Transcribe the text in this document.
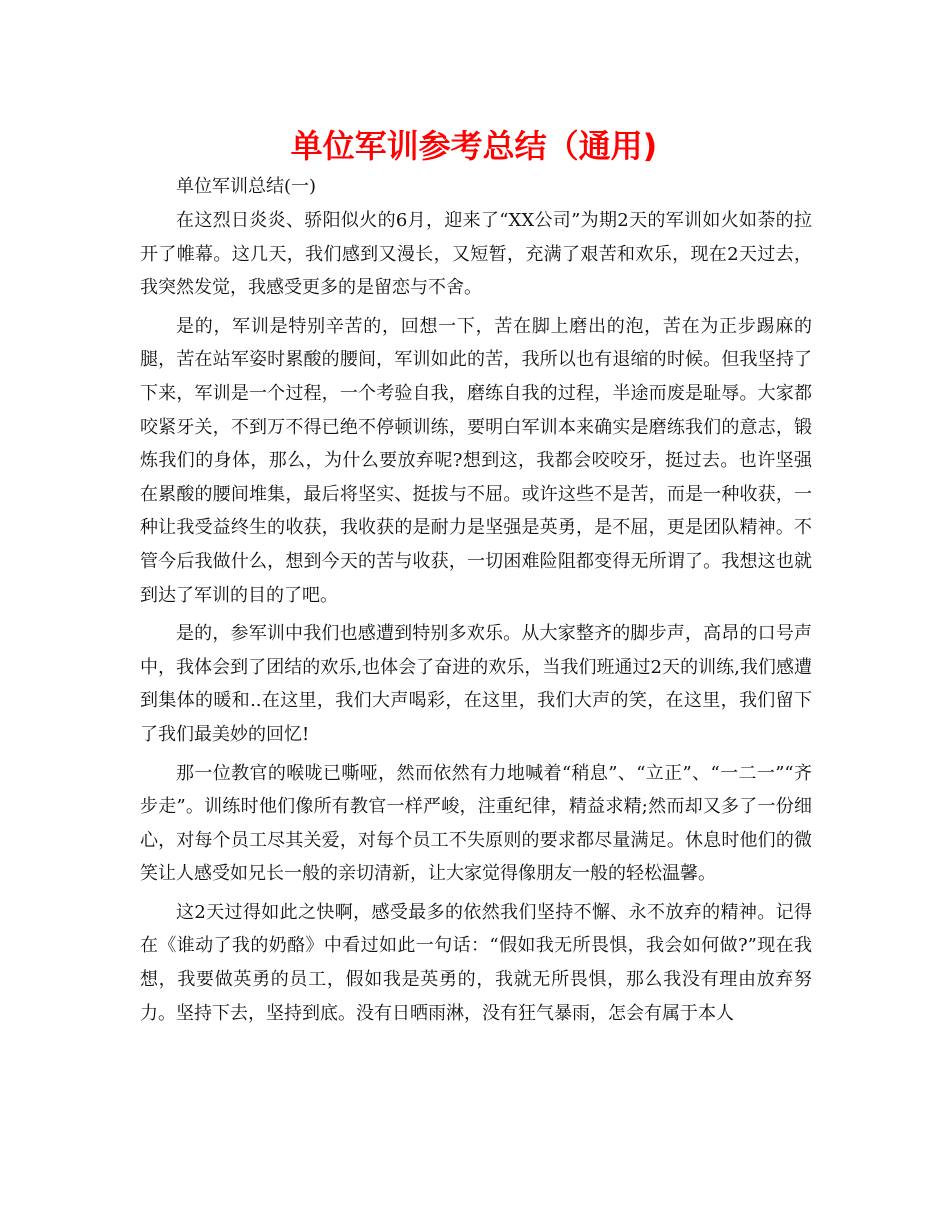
单位军训参考总结（通用)
单位军训总结(一)

在这烈日炎炎、骄阳似火的6月，迎来了“XX公司”为期2天的军训如火如荼的拉开了帷幕。这几天，我们感到又漫长，又短暂，充满了艰苦和欢乐，现在2天过去，我突然发觉，我感受更多的是留恋与不舍。

是的，军训是特别辛苦的，回想一下，苦在脚上磨出的泡，苦在为正步踢麻的腿，苦在站军姿时累酸的腰间，军训如此的苦，我所以也有退缩的时候。但我坚持了下来，军训是一个过程，一个考验自我，磨练自我的过程，半途而废是耻辱。大家都咬紧牙关，不到万不得已绝不停顿训练，要明白军训本来确实是磨练我们的意志，锻炼我们的身体，那么，为什么要放弃呢?想到这，我都会咬咬牙，挺过去。也许坚强在累酸的腰间堆集，最后将坚实、挺拔与不屈。或许这些不是苦，而是一种收获，一种让我受益终生的收获，我收获的是耐力是坚强是英勇，是不屈，更是团队精神。不管今后我做什么，想到今天的苦与收获，一切困难险阻都变得无所谓了。我想这也就到达了军训的目的了吧。

是的，参军训中我们也感遭到特别多欢乐。从大家整齐的脚步声，高昂的口号声中，我体会到了团结的欢乐,也体会了奋进的欢乐，当我们班通过2天的训练,我们感遭到集体的暖和..在这里，我们大声喝彩，在这里，我们大声的笑，在这里，我们留下了我们最美妙的回忆!

那一位教官的喉咙已嘶哑，然而依然有力地喊着“稍息”、“立正”、“一二一”“齐步走”。训练时他们像所有教官一样严峻，注重纪律，精益求精;然而却又多了一份细心，对每个员工尽其关爱，对每个员工不失原则的要求都尽量满足。休息时他们的微笑让人感受如兄长一般的亲切清新，让大家觉得像朋友一般的轻松温馨。

这2天过得如此之快啊，感受最多的依然我们坚持不懈、永不放弃的精神。记得在《谁动了我的奶酪》中看过如此一句话：“假如我无所畏惧，我会如何做?”现在我想，我要做英勇的员工，假如我是英勇的，我就无所畏惧，那么我没有理由放弃努力。坚持下去，坚持到底。没有日晒雨淋，没有狂气暴雨，怎会有属于本人
